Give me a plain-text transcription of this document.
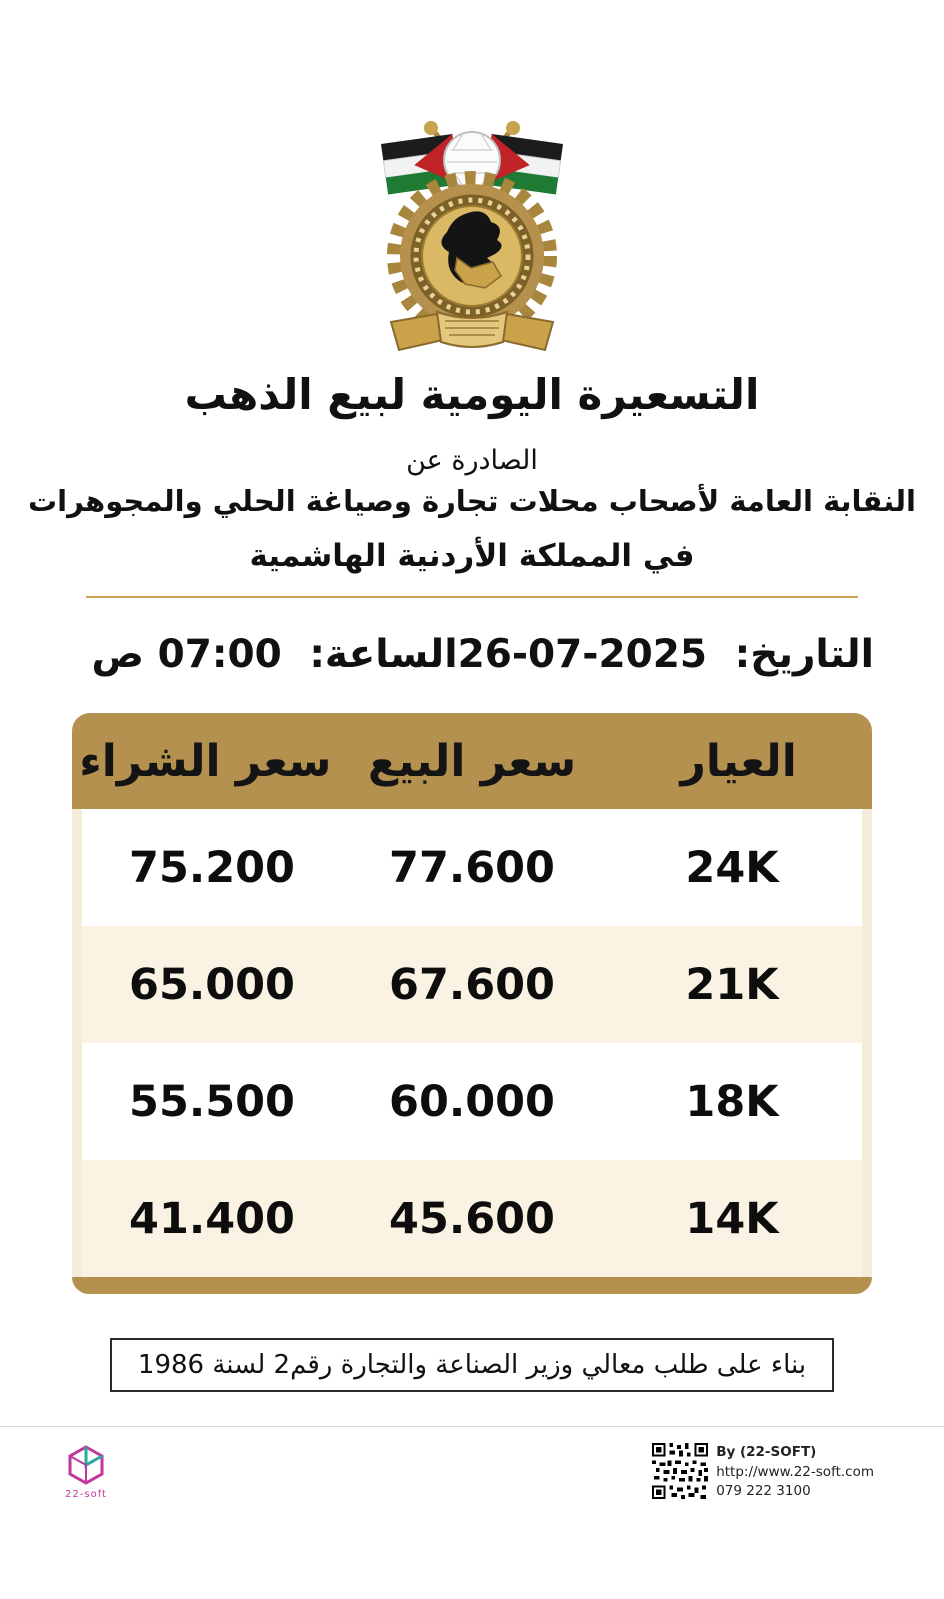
التسعيرة اليومية لبيع الذهب
الصادرة عن
النقابة العامة لأصحاب محلات تجارة وصياغة الحلي والمجوهرات
في المملكة الأردنية الهاشمية
التاريخ: 26-07-2025
الساعة: 07:00 ص
العيار
سعر البيع
سعر الشراء
24K
77.600
75.200
21K
67.600
65.000
18K
60.000
55.500
14K
45.600
41.400
بناء على طلب معالي وزير الصناعة والتجارة رقم2 لسنة 1986
22-soft
By (22-SOFT)
http://www.22-soft.com
079 222 3100
